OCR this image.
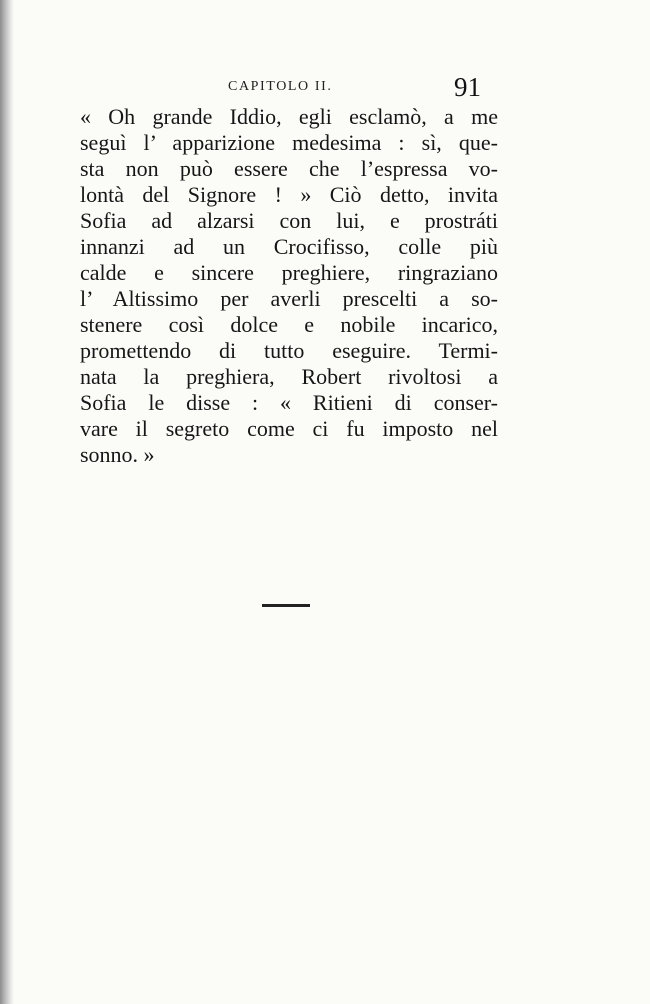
CAPITOLO II.	91
« Oh grande Iddio, egli esclamò, a me
seguì l’ apparizione medesima : sì, que-
sta non può essere che l’espressa vo-
lontà del Signore ! » Ciò detto, invita
Sofia ad alzarsi con lui, e prostráti
innanzi ad un Crocifisso, colle più
calde e sincere preghiere, ringraziano
l’ Altissimo per averli prescelti a so-
stenere così dolce e nobile incarico,
promettendo di tutto eseguire. Termi-
nata la preghiera, Robert rivoltosi a
Sofia le disse : « Ritieni di conser-
vare il segreto come ci fu imposto nel
sonno. »
